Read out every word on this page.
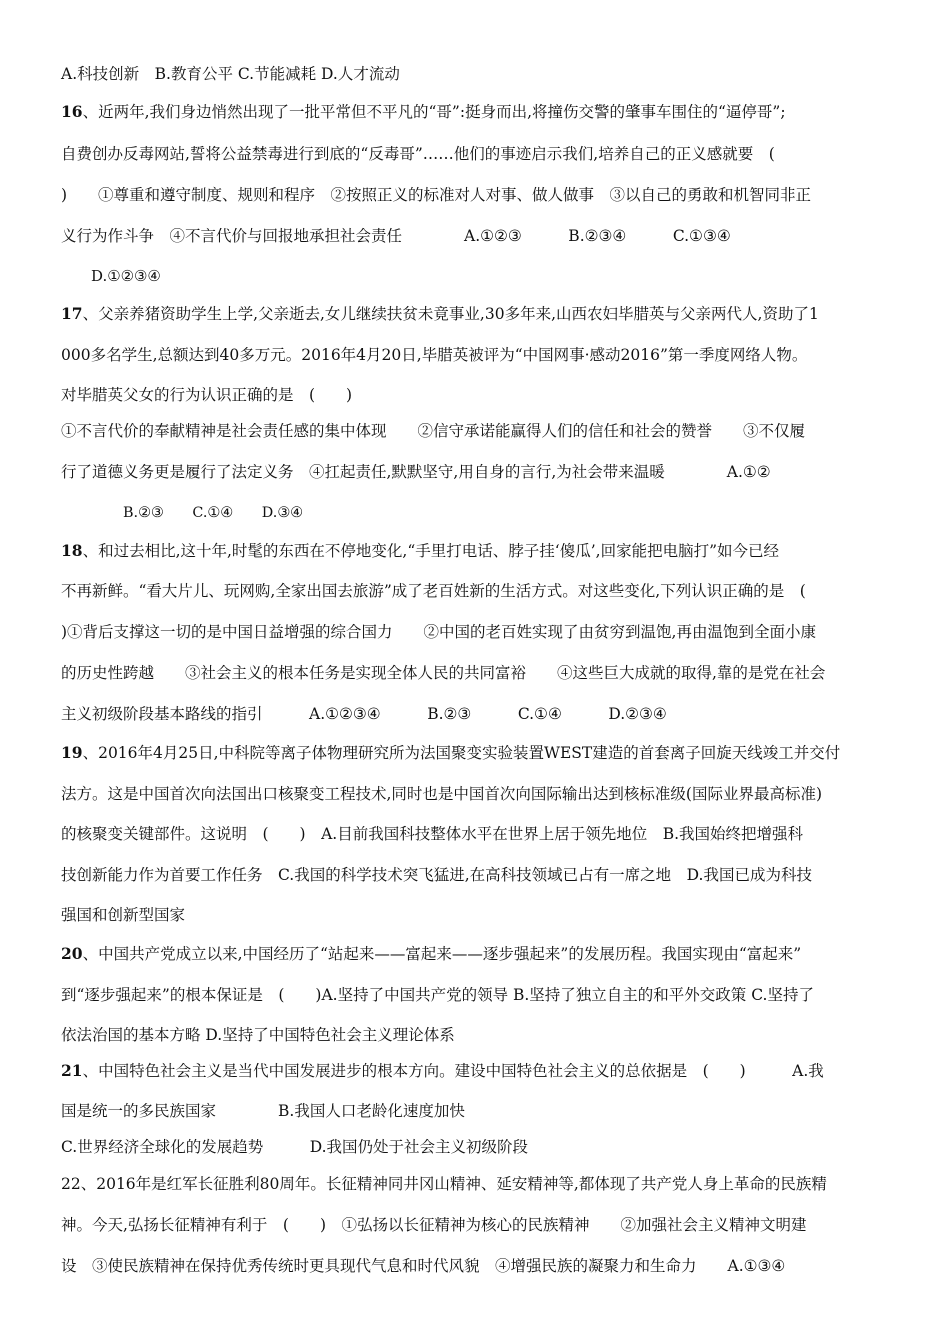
A.科技创新　B.教育公平 C.节能减耗 D.人才流动
16、近两年,我们身边悄然出现了一批平常但不平凡的“哥”:挺身而出,将撞伤交警的肇事车围住的“逼停哥”;
自费创办反毒网站,誓将公益禁毒进行到底的“反毒哥”……他们的事迹启示我们,培养自己的正义感就要　(
)　　①尊重和遵守制度、规则和程序　②按照正义的标准对人对事、做人做事　③以自己的勇敢和机智同非正
义行为作斗争　④不言代价与回报地承担社会责任　　　　A.①②③　　　B.②③④　　　C.①③④
D.①②③④
17、父亲养猪资助学生上学,父亲逝去,女儿继续扶贫未竟事业,30多年来,山西农妇毕腊英与父亲两代人,资助了1
000多名学生,总额达到40多万元。2016年4月20日,毕腊英被评为“中国网事·感动2016”第一季度网络人物。
对毕腊英父女的行为认识正确的是　(　　)
①不言代价的奉献精神是社会责任感的集中体现　　②信守承诺能赢得人们的信任和社会的赞誉　　③不仅履
行了道德义务更是履行了法定义务　④扛起责任,默默坚守,用自身的言行,为社会带来温暖　　　　A.①②
B.②③　　C.①④　　D.③④
18、和过去相比,这十年,时髦的东西在不停地变化,“手里打电话、脖子挂‘傻瓜’,回家能把电脑打”如今已经
不再新鲜。“看大片儿、玩网购,全家出国去旅游”成了老百姓新的生活方式。对这些变化,下列认识正确的是　(
)①背后支撑这一切的是中国日益增强的综合国力　　②中国的老百姓实现了由贫穷到温饱,再由温饱到全面小康
的历史性跨越　　③社会主义的根本任务是实现全体人民的共同富裕　　④这些巨大成就的取得,靠的是党在社会
主义初级阶段基本路线的指引　　　A.①②③④　　　B.②③　　　C.①④　　　D.②③④
19、2016年4月25日,中科院等离子体物理研究所为法国聚变实验装置WEST建造的首套离子回旋天线竣工并交付
法方。这是中国首次向法国出口核聚变工程技术,同时也是中国首次向国际输出达到核标准级(国际业界最高标准)
的核聚变关键部件。这说明　(　　)　A.目前我国科技整体水平在世界上居于领先地位　B.我国始终把增强科
技创新能力作为首要工作任务　C.我国的科学技术突飞猛进,在高科技领域已占有一席之地　D.我国已成为科技
强国和创新型国家
20、中国共产党成立以来,中国经历了“站起来——富起来——逐步强起来”的发展历程。我国实现由“富起来”
到“逐步强起来”的根本保证是　(　　)A.坚持了中国共产党的领导 B.坚持了独立自主的和平外交政策 C.坚持了
依法治国的基本方略 D.坚持了中国特色社会主义理论体系
21、中国特色社会主义是当代中国发展进步的根本方向。建设中国特色社会主义的总依据是　(　　)　　　A.我
国是统一的多民族国家　　　　B.我国人口老龄化速度加快
C.世界经济全球化的发展趋势　　　D.我国仍处于社会主义初级阶段
22、2016年是红军长征胜利80周年。长征精神同井冈山精神、延安精神等,都体现了共产党人身上革命的民族精
神。今天,弘扬长征精神有利于　(　　)　①弘扬以长征精神为核心的民族精神　　②加强社会主义精神文明建
设　③使民族精神在保持优秀传统时更具现代气息和时代风貌　④增强民族的凝聚力和生命力　　A.①③④
